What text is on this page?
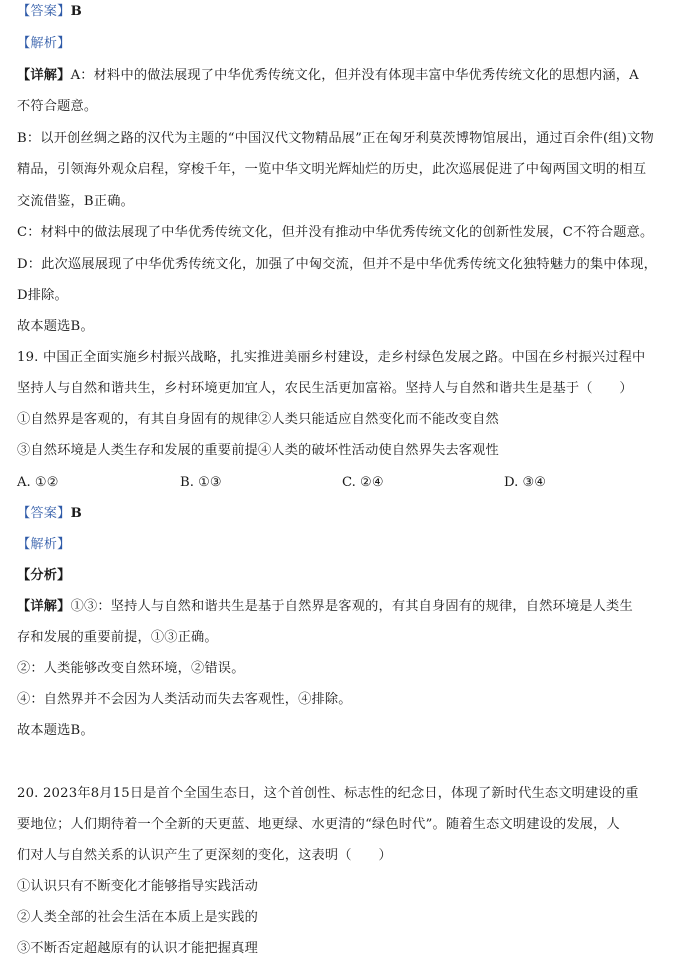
【答案】B
【解析】
【详解】A：材料中的做法展现了中华优秀传统文化，但并没有体现丰富中华优秀传统文化的思想内涵，A
不符合题意。
B：以开创丝绸之路的汉代为主题的“中国汉代文物精品展”正在匈牙利莫茨博物馆展出，通过百余件(组)文物
精品，引领海外观众启程，穿梭千年，一览中华文明光辉灿烂的历史，此次巡展促进了中匈两国文明的相互
交流借鉴，B正确。
C：材料中的做法展现了中华优秀传统文化，但并没有推动中华优秀传统文化的创新性发展，C不符合题意。
D：此次巡展展现了中华优秀传统文化，加强了中匈交流，但并不是中华优秀传统文化独特魅力的集中体现，
D排除。
故本题选B。
19. 中国正全面实施乡村振兴战略，扎实推进美丽乡村建设，走乡村绿色发展之路。中国在乡村振兴过程中
坚持人与自然和谐共生，乡村环境更加宜人，农民生活更加富裕。坚持人与自然和谐共生是基于（　　）
①自然界是客观的，有其自身固有的规律②人类只能适应自然变化而不能改变自然
③自然环境是人类生存和发展的重要前提④人类的破坏性活动使自然界失去客观性
A. ①②	B. ①③	C. ②④	D. ③④
【答案】B
【解析】
【分析】
【详解】①③：坚持人与自然和谐共生是基于自然界是客观的，有其自身固有的规律，自然环境是人类生
存和发展的重要前提，①③正确。
②：人类能够改变自然环境，②错误。
④：自然界并不会因为人类活动而失去客观性，④排除。
故本题选B。
20. 2023年8月15日是首个全国生态日，这个首创性、标志性的纪念日，体现了新时代生态文明建设的重
要地位；人们期待着一个全新的天更蓝、地更绿、水更清的“绿色时代”。随着生态文明建设的发展，人
们对人与自然关系的认识产生了更深刻的变化，这表明（　　）
①认识只有不断变化才能够指导实践活动
②人类全部的社会生活在本质上是实践的
③不断否定超越原有的认识才能把握真理
